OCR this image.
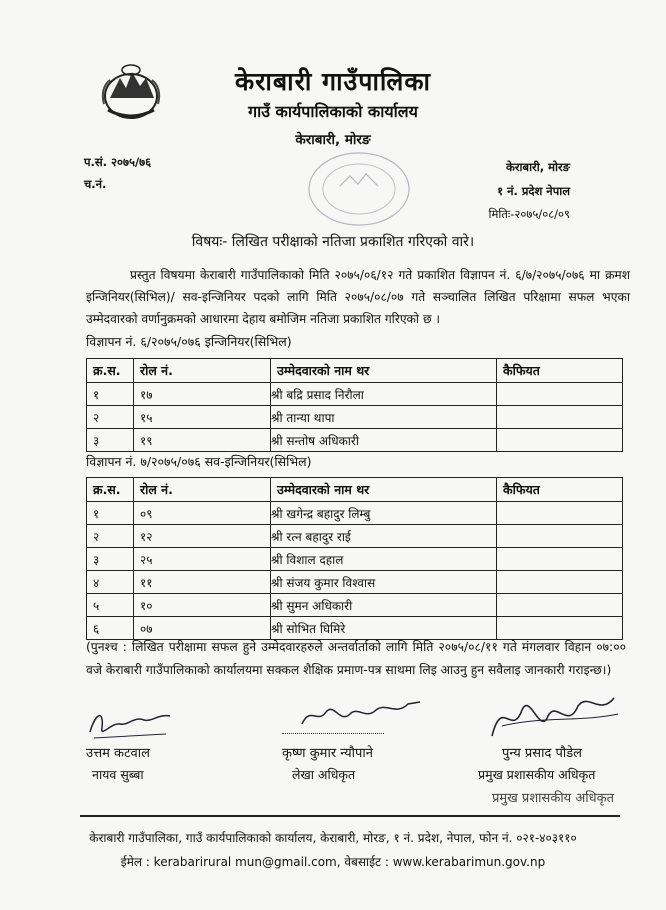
केराबारी गाउँपालिका
गाउँ कार्यपालिकाको कार्यालय
केराबारी, मोरङ
प.सं. २०७५/७६
च.नं.
केराबारी, मोरङ
१ नं. प्रदेश नेपाल
मितिः-२०७५/०८/०९
विषयः- लिखित परीक्षाको नतिजा प्रकाशित गरिएको वारे।
प्रस्तुत विषयमा केराबारी गाउँपालिकाको मिति २०७५/०६/१२ गते प्रकाशित विज्ञापन नं. ६/७/२०७५/०७६ मा क्रमश इन्जिनियर(सिभिल)/ सव-इन्जिनियर पदको लागि मिति २०७५/०८/०७ गते सञ्चालित लिखित परिक्षामा सफल भएका उम्मेदवारको वर्णानुक्रमको आधारमा देहाय बमोजिम नतिजा प्रकाशित गरिएको छ ।
विज्ञापन नं. ६/२०७५/०७६ इन्जिनियर(सिभिल)
क्र.स.	रोल नं.	उम्मेदवारको नाम थर	कैफियत
१	१७	श्री बद्रि प्रसाद निरौला	
२	१५	श्री तान्या थापा	
३	१९	श्री सन्तोष अधिकारी	
विज्ञापन नं. ७/२०७५/०७६ सव-इन्जिनियर(सिभिल)
क्र.स.	रोल नं.	उम्मेदवारको नाम थर	कैफियत
१	०९	श्री खगेन्द्र बहादुर लिम्बु	
२	१२	श्री रत्न बहादुर राई	
३	२५	श्री विशाल दहाल	
४	११	श्री संजय कुमार विश्वास	
५	१०	श्री सुमन अधिकारी	
६	०७	श्री सोभित घिमिरे	
(पुनश्च : लिखित परीक्षामा सफल हुने उम्मेदवारहरुले अन्तर्वार्ताको लागि मिति २०७५/०८/११ गते मंगलवार विहान ०७:०० वजे केराबारी गाउँपालिकाको कार्यालयमा सक्कल शैक्षिक प्रमाण-पत्र साथमा लिइ आउनु हुन सवैलाइ जानकारी गराइन्छ।)
उत्तम कटवाल
नायव सुब्बा
कृष्ण कुमार न्यौपाने
लेखा अधिकृत
पुन्य प्रसाद पौडेल
प्रमुख प्रशासकीय अधिकृत
प्रमुख प्रशासकीय अधिकृत
केराबारी गाउँपालिका, गाउँ कार्यपालिकाको कार्यालय, केराबारी, मोरङ, १ नं. प्रदेश, नेपाल, फोन नं. ०२१-४०३११०
ईमेल : kerabarirural mun@gmail.com, वेबसाईट : www.kerabarimun.gov.np
